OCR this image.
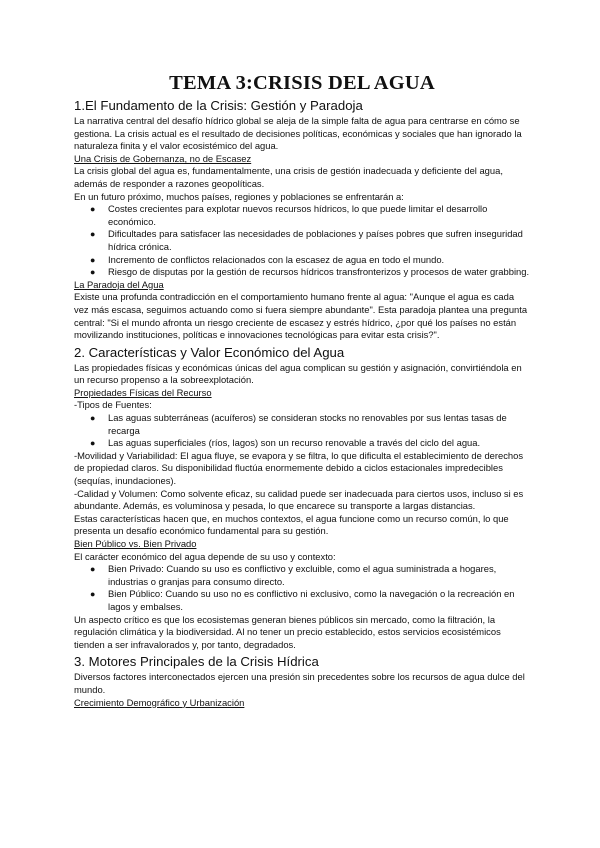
TEMA 3:CRISIS DEL AGUA
1.El Fundamento de la Crisis: Gestión y Paradoja

La narrativa central del desafío hídrico global se aleja de la simple falta de agua para centrarse en cómo se gestiona. La crisis actual es el resultado de decisiones políticas, económicas y sociales que han ignorado la naturaleza finita y el valor ecosistémico del agua.

Una Crisis de Gobernanza, no de Escasez

La crisis global del agua es, fundamentalmente, una crisis de gestión inadecuada y deficiente del agua, además de responder a razones geopolíticas.

En un futuro próximo, muchos países, regiones y poblaciones se enfrentarán a:

● Costes crecientes para explotar nuevos recursos hídricos, lo que puede limitar el desarrollo económico.
● Dificultades para satisfacer las necesidades de poblaciones y países pobres que sufren inseguridad hídrica crónica.
● Incremento de conflictos relacionados con la escasez de agua en todo el mundo.
● Riesgo de disputas por la gestión de recursos hídricos transfronterizos y procesos de water grabbing.
La Paradoja del Agua

Existe una profunda contradicción en el comportamiento humano frente al agua: "Aunque el agua es cada vez más escasa, seguimos actuando como si fuera siempre abundante". Esta paradoja plantea una pregunta central: "Si el mundo afronta un riesgo creciente de escasez y estrés hídrico, ¿por qué los países no están movilizando instituciones, políticas e innovaciones tecnológicas para evitar esta crisis?".

2. Características y Valor Económico del Agua

Las propiedades físicas y económicas únicas del agua complican su gestión y asignación, convirtiéndola en un recurso propenso a la sobreexplotación.

Propiedades Físicas del Recurso

-Tipos de Fuentes:

● Las aguas subterráneas (acuíferos) se consideran stocks no renovables por sus lentas tasas de recarga
● Las aguas superficiales (ríos, lagos) son un recurso renovable a través del ciclo del agua.

-Movilidad y Variabilidad: El agua fluye, se evapora y se filtra, lo que dificulta el establecimiento de derechos de propiedad claros. Su disponibilidad fluctúa enormemente debido a ciclos estacionales impredecibles (sequías, inundaciones).

-Calidad y Volumen: Como solvente eficaz, su calidad puede ser inadecuada para ciertos usos, incluso si es abundante. Además, es voluminosa y pesada, lo que encarece su transporte a largas distancias.

Estas características hacen que, en muchos contextos, el agua funcione como un recurso común, lo que presenta un desafío económico fundamental para su gestión.

Bien Público vs. Bien Privado

El carácter económico del agua depende de su uso y contexto:

● Bien Privado: Cuando su uso es conflictivo y excluible, como el agua suministrada a hogares, industrias o granjas para consumo directo.
● Bien Público: Cuando su uso no es conflictivo ni exclusivo, como la navegación o la recreación en lagos y embalses.

Un aspecto crítico es que los ecosistemas generan bienes públicos sin mercado, como la filtración, la regulación climática y la biodiversidad. Al no tener un precio establecido, estos servicios ecosistémicos tienden a ser infravalorados y, por tanto, degradados.

3. Motores Principales de la Crisis Hídrica

Diversos factores interconectados ejercen una presión sin precedentes sobre los recursos de agua dulce del mundo.

Crecimiento Demográfico y Urbanización
